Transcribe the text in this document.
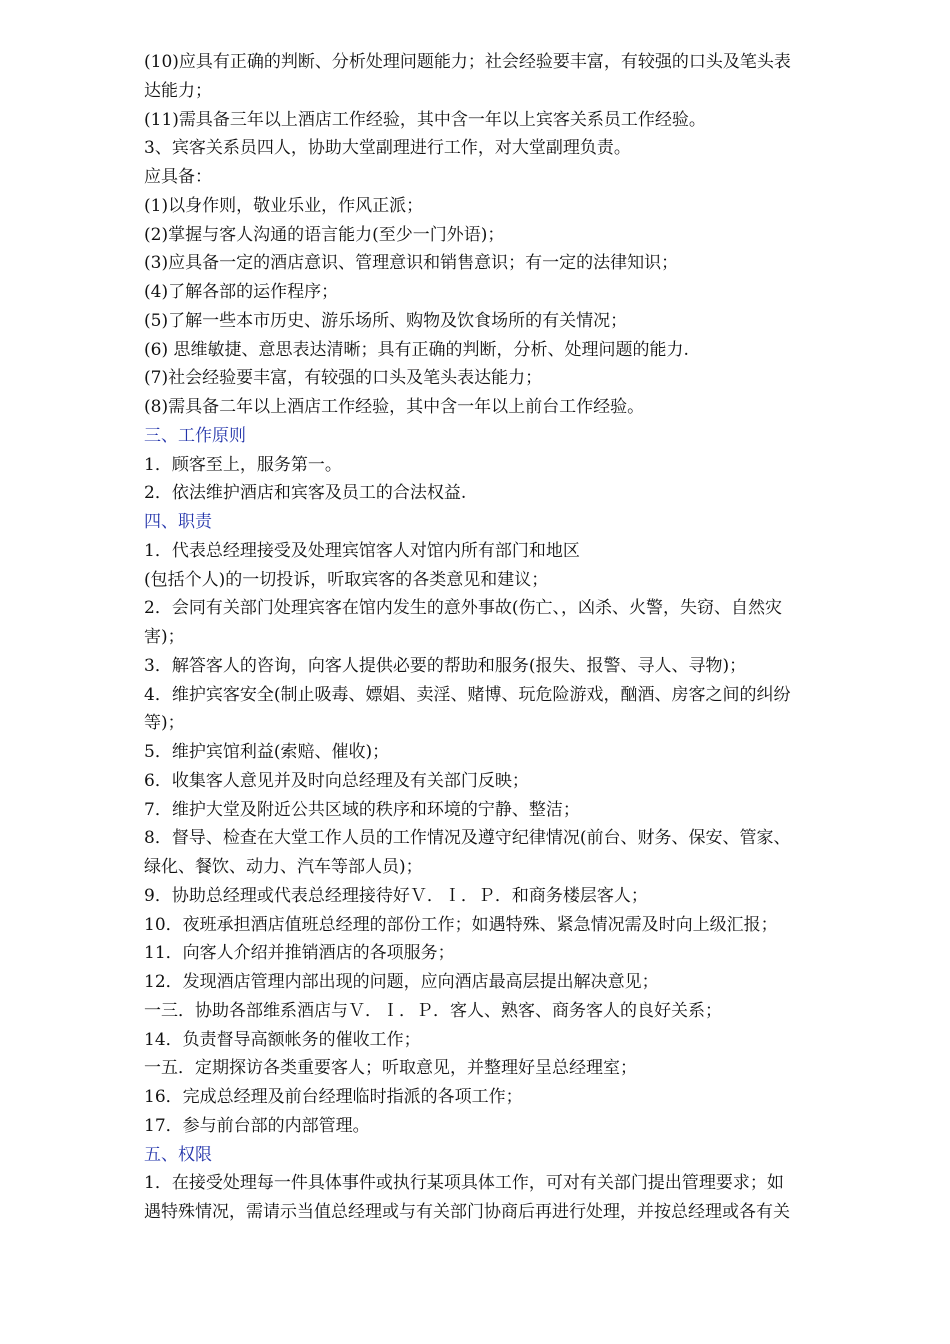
(10)应具有正确的判断、分析处理问题能力；社会经验要丰富，有较强的口头及笔头表

达能力；

(11)需具备三年以上酒店工作经验，其中含一年以上宾客关系员工作经验。

3、宾客关系员四人，协助大堂副理进行工作，对大堂副理负责。

应具备：

(1)以身作则，敬业乐业，作风正派；

(2)掌握与客人沟通的语言能力(至少一门外语)；

(3)应具备一定的酒店意识、管理意识和销售意识；有一定的法律知识；

(4)了解各部的运作程序；

(5)了解一些本市历史、游乐场所、购物及饮食场所的有关情况；

(6) 思维敏捷、意思表达清晰；具有正确的判断，分析、处理问题的能力.

(7)社会经验要丰富，有较强的口头及笔头表达能力；

(8)需具备二年以上酒店工作经验，其中含一年以上前台工作经验。

三、工作原则

1．顾客至上，服务第一。

2．依法维护酒店和宾客及员工的合法权益.

四、职责

1．代表总经理接受及处理宾馆客人对馆内所有部门和地区

(包括个人)的一切投诉，听取宾客的各类意见和建议；

2．会同有关部门处理宾客在馆内发生的意外事故(伤亡、，凶杀、火警，失窃、自然灾

害)；

3．解答客人的咨询，向客人提供必要的帮助和服务(报失、报警、寻人、寻物)；

4．维护宾客安全(制止吸毒、嫖娼、卖淫、赌博、玩危险游戏，酗酒、房客之间的纠纷

等)；

5．维护宾馆利益(索赔、催收)；

6．收集客人意见并及时向总经理及有关部门反映；

7．维护大堂及附近公共区域的秩序和环境的宁静、整洁；

8．督导、检查在大堂工作人员的工作情况及遵守纪律情况(前台、财务、保安、管家、

绿化、餐饮、动力、汽车等部人员)；

9．协助总经理或代表总经理接待好Ｖ．Ｉ．Ｐ．和商务楼层客人；

10．夜班承担酒店值班总经理的部份工作；如遇特殊、紧急情况需及时向上级汇报；

11．向客人介绍并推销酒店的各项服务；

12．发现酒店管理内部出现的问题，应向酒店最高层提出解决意见；

一三．协助各部维系酒店与Ｖ．Ｉ．Ｐ．客人、熟客、商务客人的良好关系；

14．负责督导高额帐务的催收工作；

一五．定期探访各类重要客人；听取意见，并整理好呈总经理室；

16．完成总经理及前台经理临时指派的各项工作；

17．参与前台部的内部管理。

五、权限

1．在接受处理每一件具体事件或执行某项具体工作，可对有关部门提出管理要求；如

遇特殊情况，需请示当值总经理或与有关部门协商后再进行处理，并按总经理或各有关
